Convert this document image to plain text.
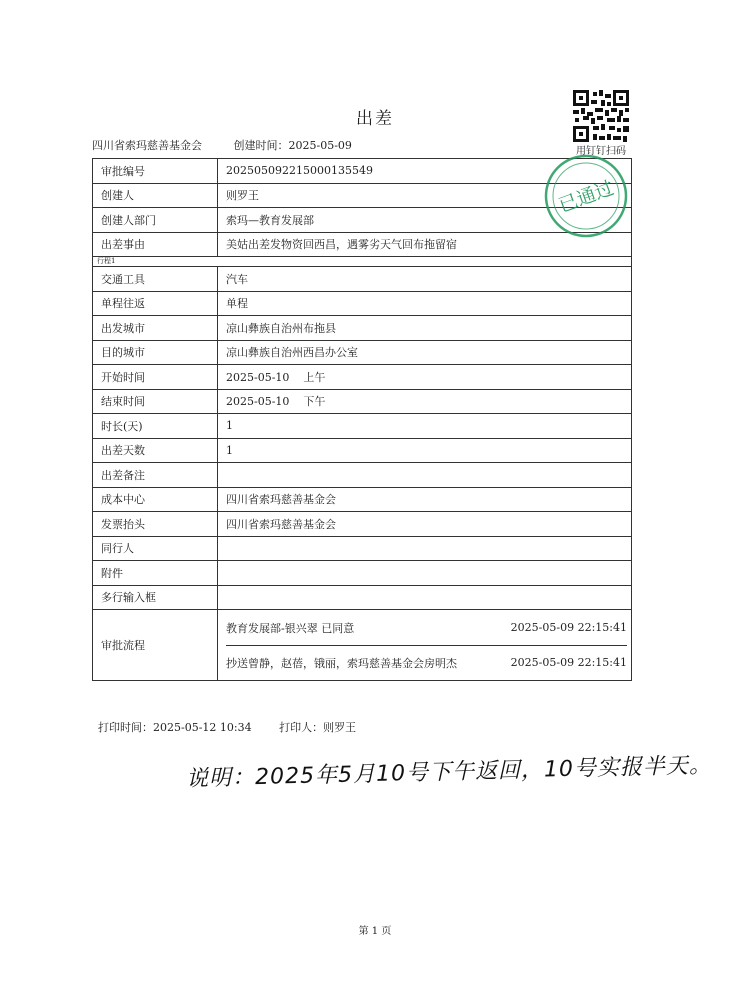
出差
四川省索玛慈善基金会	创建时间：2025-05-09	用钉钉扫码
审批编号	202505092215000135549
创建人	则罗王
创建人部门	索玛—教育发展部
出差事由	美姑出差发物资回西昌，遇雾劣天气回布拖留宿
行程1	
交通工具	汽车
单程往返	单程
出发城市	凉山彝族自治州布拖县
目的城市	凉山彝族自治州西昌办公室
开始时间	2025-05-10    上午
结束时间	2025-05-10    下午
时长(天)	1
出差天数	1
出差备注	
成本中心	四川省索玛慈善基金会
发票抬头	四川省索玛慈善基金会
同行人	
附件	
多行输入框	
审批流程	教育发展部-银兴翠 已同意 2025-05-09 22:15:41
抄送曾静，赵蓓，锇丽，索玛慈善基金会房明杰 2025-05-09 22:15:41
已通过
打印时间：2025-05-12 10:34	打印人：则罗王
说明：2025年5月10号下午返回，10号实报半天。
第 1 页
